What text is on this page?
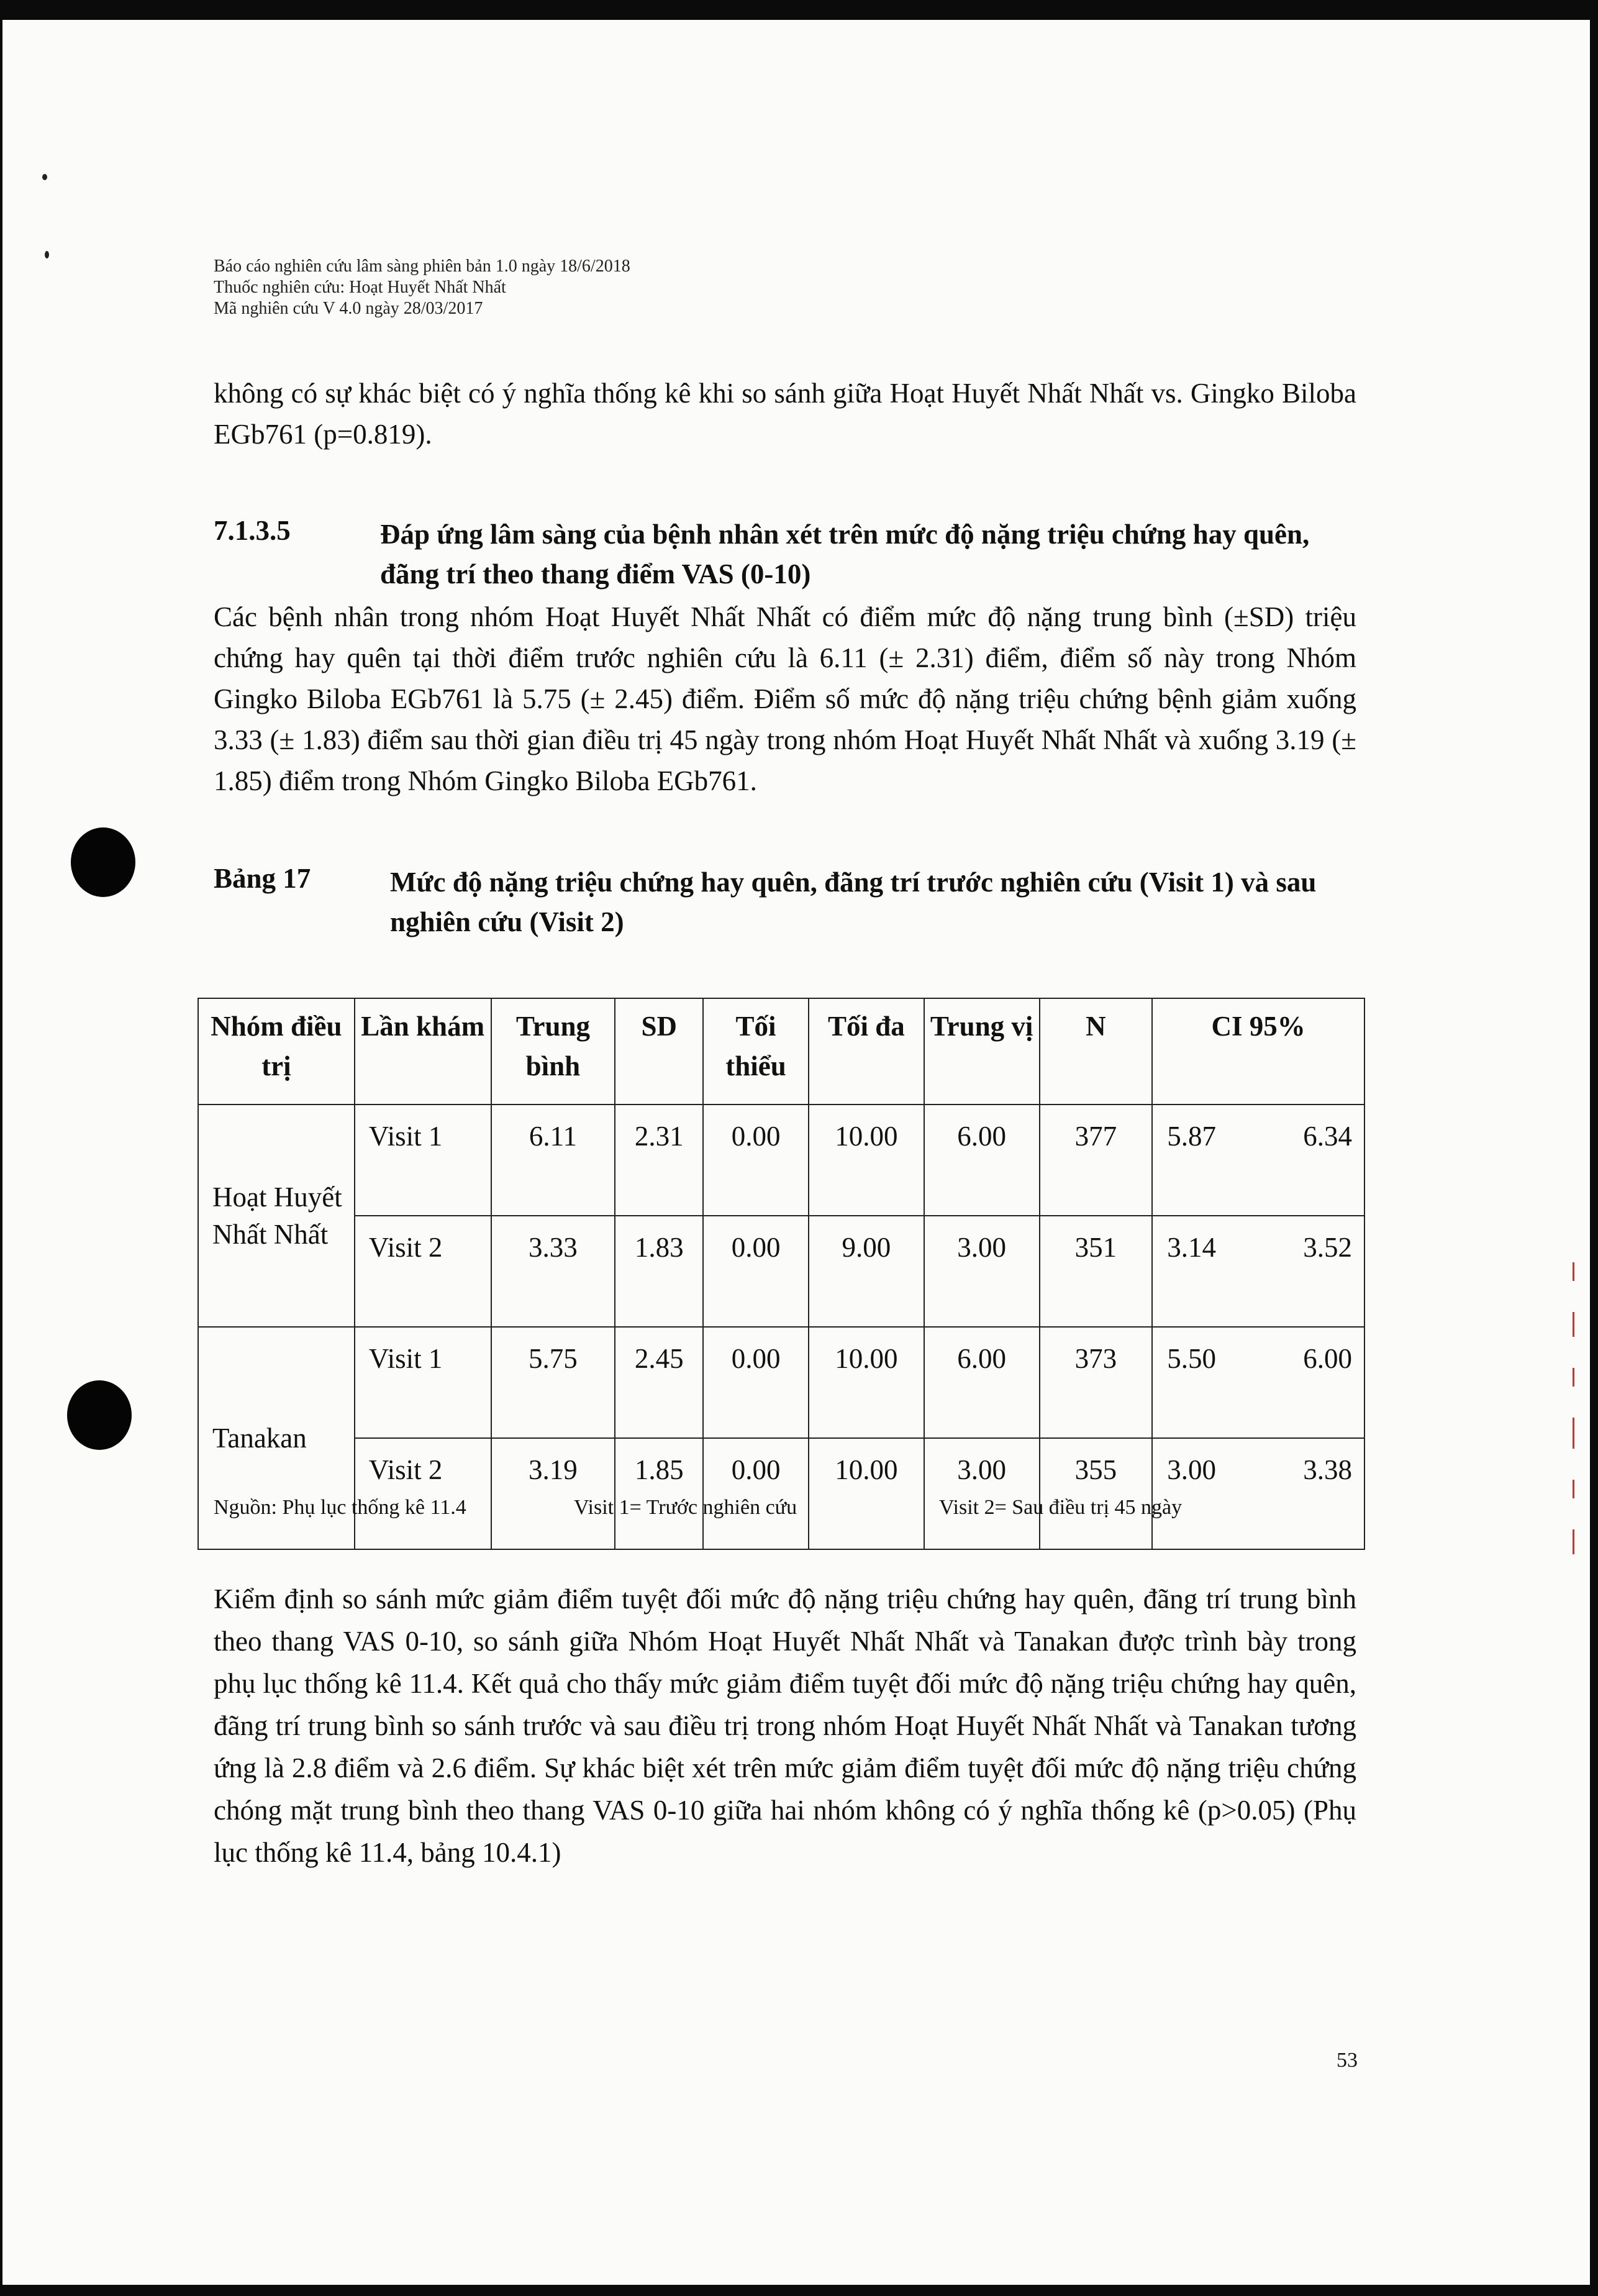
Báo cáo nghiên cứu lâm sàng phiên bản 1.0 ngày 18/6/2018
Thuốc nghiên cứu: Hoạt Huyết Nhất Nhất
Mã nghiên cứu V 4.0 ngày 28/03/2017
không có sự khác biệt có ý nghĩa thống kê khi so sánh giữa Hoạt Huyết Nhất Nhất vs. Gingko Biloba EGb761 (p=0.819).
7.1.3.5	Đáp ứng lâm sàng của bệnh nhân xét trên mức độ nặng triệu chứng hay quên, đãng trí theo thang điểm VAS (0-10)
Các bệnh nhân trong nhóm Hoạt Huyết Nhất Nhất có điểm mức độ nặng trung bình (±SD) triệu chứng hay quên tại thời điểm trước nghiên cứu là 6.11 (± 2.31) điểm, điểm số này trong Nhóm Gingko Biloba EGb761 là 5.75 (± 2.45) điểm. Điểm số mức độ nặng triệu chứng bệnh giảm xuống 3.33 (± 1.83) điểm sau thời gian điều trị 45 ngày trong nhóm Hoạt Huyết Nhất Nhất và xuống 3.19 (± 1.85) điểm trong Nhóm Gingko Biloba EGb761.
Bảng 17	Mức độ nặng triệu chứng hay quên, đãng trí trước nghiên cứu (Visit 1) và sau nghiên cứu (Visit 2)
Nhóm điều trị	Lần khám	Trung bình	SD	Tối thiểu	Tối đa	Trung vị	N	CI 95%
Hoạt Huyết Nhất Nhất	Visit 1	6.11	2.31	0.00	10.00	6.00	377	5.87 6.34

	Visit 2	3.33	1.83	0.00	9.00	3.00	351	3.14 3.52

Tanakan	Visit 1	5.75	2.45	0.00	10.00	6.00	373	5.50 6.00

	Visit 2	3.19	1.85	0.00	10.00	3.00	355	3.00 3.38
Nguồn: Phụ lục thống kê 11.4	Visit 1= Trước nghiên cứu	Visit 2= Sau điều trị 45 ngày
Kiểm định so sánh mức giảm điểm tuyệt đối mức độ nặng triệu chứng hay quên, đãng trí trung bình theo thang VAS 0-10, so sánh giữa Nhóm Hoạt Huyết Nhất Nhất và Tanakan được trình bày trong phụ lục thống kê 11.4. Kết quả cho thấy mức giảm điểm tuyệt đối mức độ nặng triệu chứng hay quên, đãng trí trung bình so sánh trước và sau điều trị trong nhóm Hoạt Huyết Nhất Nhất và Tanakan tương ứng là 2.8 điểm và 2.6 điểm. Sự khác biệt xét trên mức giảm điểm tuyệt đối mức độ nặng triệu chứng chóng mặt trung bình theo thang VAS 0-10 giữa hai nhóm không có ý nghĩa thống kê (p>0.05) (Phụ lục thống kê 11.4, bảng 10.4.1)
53
